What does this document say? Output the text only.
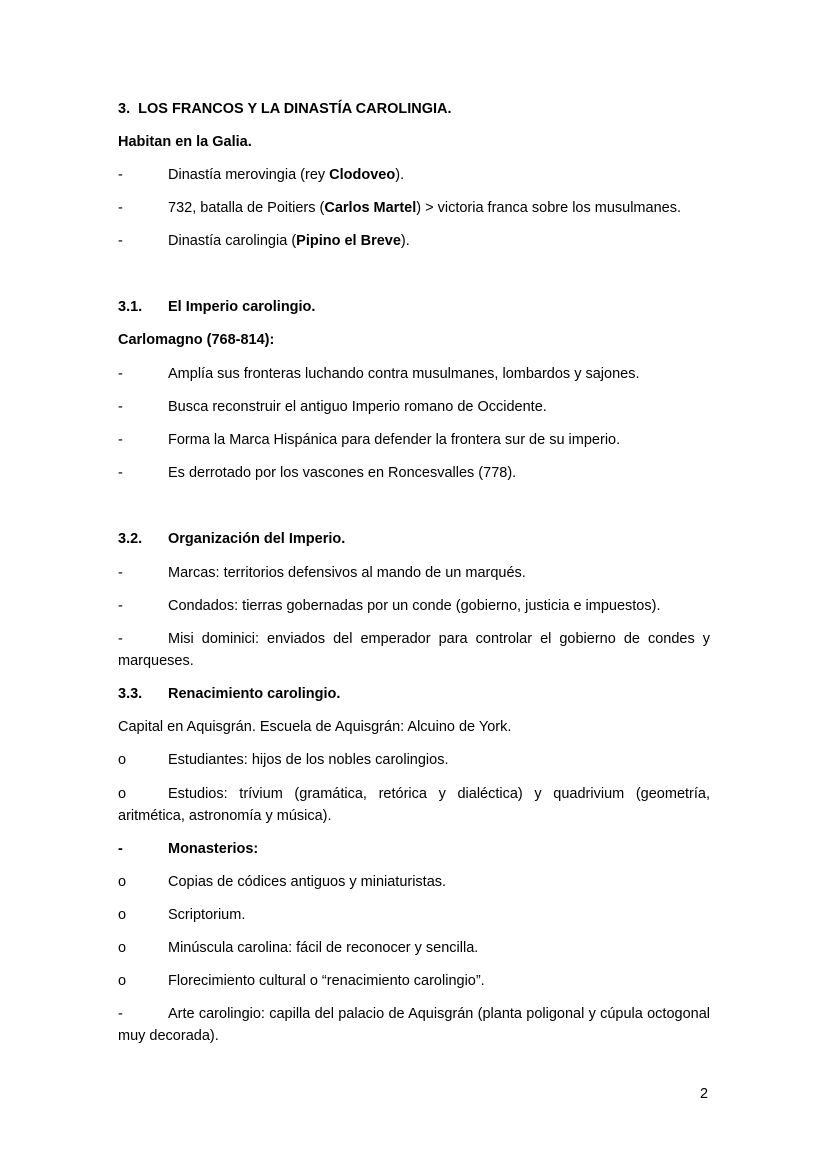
3. LOS FRANCOS Y LA DINASTÍA CAROLINGIA.
Habitan en la Galia.
-	Dinastía merovingia (rey Clodoveo).
-	732, batalla de Poitiers (Carlos Martel) > victoria franca sobre los musulmanes.
-	Dinastía carolingia (Pipino el Breve).
3.1. El Imperio carolingio.
Carlomagno (768-814):
-	Amplía sus fronteras luchando contra musulmanes, lombardos y sajones.
-	Busca reconstruir el antiguo Imperio romano de Occidente.
-	Forma la Marca Hispánica para defender la frontera sur de su imperio.
-	Es derrotado por los vascones en Roncesvalles (778).
3.2. Organización del Imperio.
-	Marcas: territorios defensivos al mando de un marqués.
-	Condados: tierras gobernadas por un conde (gobierno, justicia e impuestos).
-	Misi dominici: enviados del emperador para controlar el gobierno de condes y marqueses.
3.3. Renacimiento carolingio.
Capital en Aquisgrán. Escuela de Aquisgrán: Alcuino de York.
o	Estudiantes: hijos de los nobles carolingios.
o	Estudios: trívium (gramática, retórica y dialéctica) y quadrivium (geometría, aritmética, astronomía y música).
-	Monasterios:
o	Copias de códices antiguos y miniaturistas.
o	Scriptorium.
o	Minúscula carolina: fácil de reconocer y sencilla.
o	Florecimiento cultural o “renacimiento carolingio”.
-	Arte carolingio: capilla del palacio de Aquisgrán (planta poligonal y cúpula octogonal muy decorada).
2
